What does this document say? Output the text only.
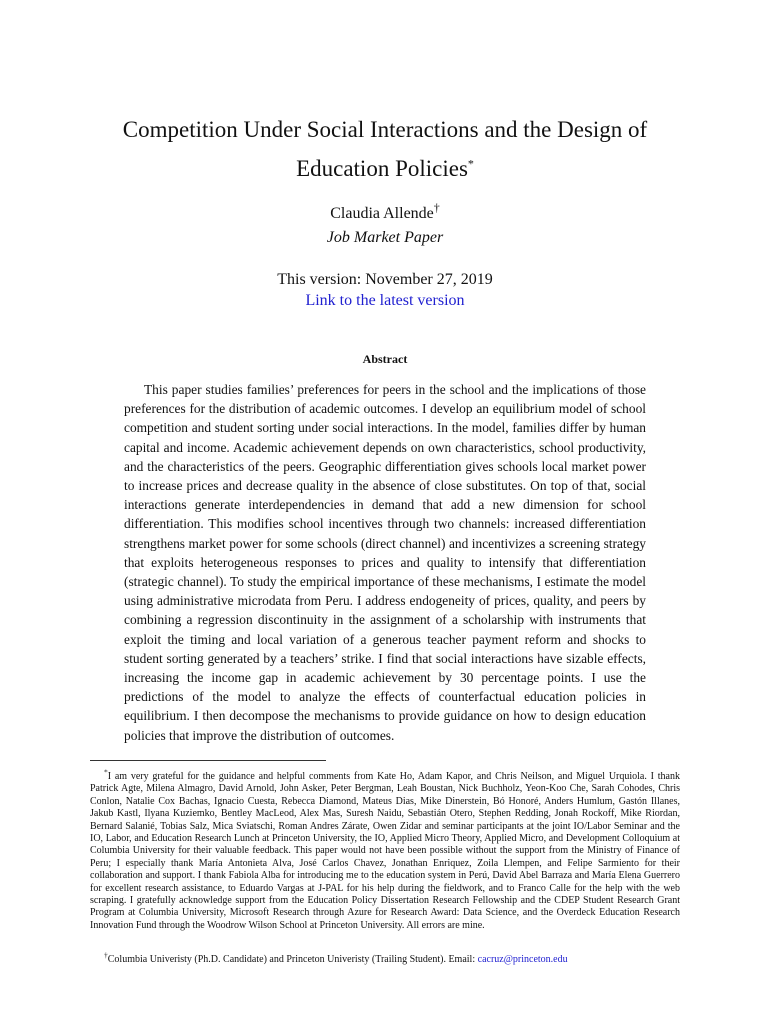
Competition Under Social Interactions and the Design of
Education Policies*
Claudia Allende†
Job Market Paper
This version: November 27, 2019
Link to the latest version
Abstract

This paper studies families’ preferences for peers in the school and the implications of those preferences for the distribution of academic outcomes. I develop an equilibrium model of school competition and student sorting under social interactions. In the model, families differ by human capital and income. Academic achievement depends on own characteristics, school productivity, and the characteristics of the peers. Geographic differentiation gives schools local market power to increase prices and decrease quality in the absence of close substitutes. On top of that, social interactions generate interdependencies in demand that add a new dimension for school differentiation. This modifies school incentives through two channels: increased differentiation strengthens market power for some schools (direct channel) and incentivizes a screening strategy that exploits heterogeneous responses to prices and quality to intensify that differentiation (strategic channel). To study the empirical importance of these mechanisms, I estimate the model using administrative microdata from Peru. I address endogeneity of prices, quality, and peers by combining a regression discontinuity in the assignment of a scholarship with instruments that exploit the timing and local variation of a generous teacher payment reform and shocks to student sorting generated by a teachers’ strike. I find that social interactions have sizable effects, increasing the income gap in academic achievement by 30 percentage points. I use the predictions of the model to analyze the effects of counterfactual education policies in equilibrium. I then decompose the mechanisms to provide guidance on how to design education policies that improve the distribution of outcomes.

*I am very grateful for the guidance and helpful comments from Kate Ho, Adam Kapor, and Chris Neilson, and Miguel Urquiola. I thank Patrick Agte, Milena Almagro, David Arnold, John Asker, Peter Bergman, Leah Boustan, Nick Buchholz, Yeon-Koo Che, Sarah Cohodes, Chris Conlon, Natalie Cox Bachas, Ignacio Cuesta, Rebecca Diamond, Mateus Dias, Mike Dinerstein, Bó Honoré, Anders Humlum, Gastón Illanes, Jakub Kastl, Ilyana Kuziemko, Bentley MacLeod, Alex Mas, Suresh Naidu, Sebastián Otero, Stephen Redding, Jonah Rockoff, Mike Riordan, Bernard Salanié, Tobias Salz, Mica Sviatschi, Roman Andres Zárate, Owen Zidar and seminar participants at the joint IO/Labor Seminar and the IO, Labor, and Education Research Lunch at Princeton University, the IO, Applied Micro Theory, Applied Micro, and Development Colloquium at Columbia University for their valuable feedback. This paper would not have been possible without the support from the Ministry of Finance of Peru; I especially thank María Antonieta Alva, José Carlos Chavez, Jonathan Enriquez, Zoila Llempen, and Felipe Sarmiento for their collaboration and support. I thank Fabiola Alba for introducing me to the education system in Perú, David Abel Barraza and María Elena Guerrero for excellent research assistance, to Eduardo Vargas at J-PAL for his help during the fieldwork, and to Franco Calle for the help with the web scraping. I gratefully acknowledge support from the Education Policy Dissertation Research Fellowship and the CDEP Student Research Grant Program at Columbia University, Microsoft Research through Azure for Research Award: Data Science, and the Overdeck Education Research Innovation Fund through the Woodrow Wilson School at Princeton University. All errors are mine.

†Columbia Univeristy (Ph.D. Candidate) and Princeton Univeristy (Trailing Student). Email: cacruz@princeton.edu
